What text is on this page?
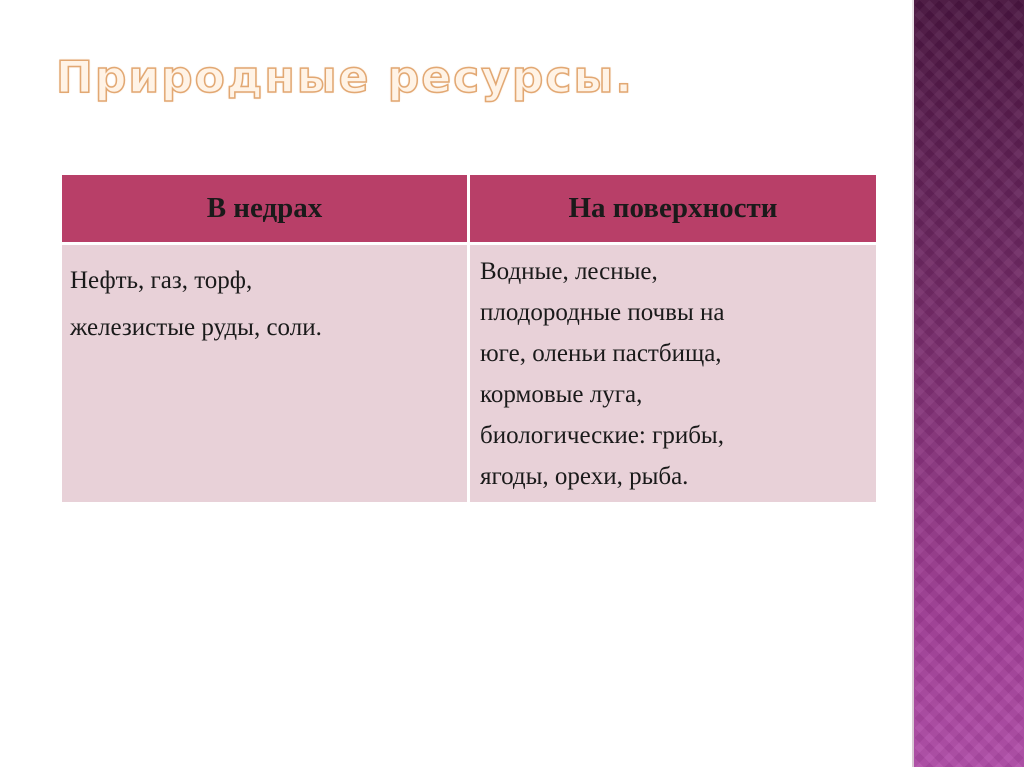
Природные ресурсы.
В недрах	На поверхности
Нефть, газ, торф,
железистые руды, соли.
Водные, лесные,
плодородные почвы на
юге, оленьи пастбища,
кормовые луга,
биологические: грибы,
ягоды, орехи, рыба.
